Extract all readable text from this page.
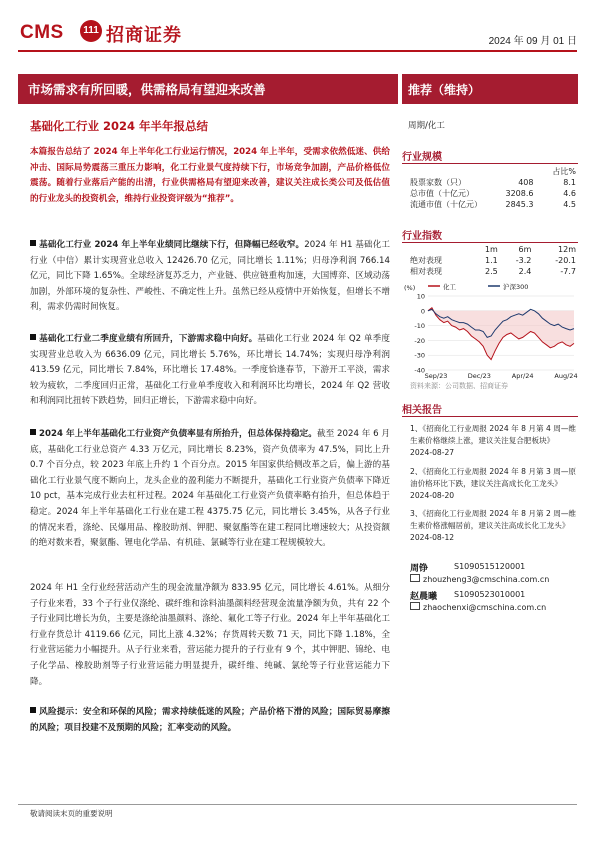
CMS	111 招商证券	2024 年 09 月 01 日
市场需求有所回暖，供需格局有望迎来改善	推荐（维持）
基础化工行业 2024 年半年报总结	周期/化工
本篇报告总结了 2024 年上半年化工行业运行情况，2024 年上半年，受需求依然低迷、供给冲击、国际局势震荡三重压力影响，化工行业景气度持续下行，市场竞争加剧，产品价格低位震荡。随着行业落后产能的出清，行业供需格局有望迎来改善，建议关注成长类公司及低估值的行业龙头的投资机会，维持行业投资评级为“推荐”。
基础化工行业 2024 年上半年业绩同比继续下行，但降幅已经收窄。2024 年 H1 基础化工行业（中信）累计实现营业总收入 12426.70 亿元，同比增长 1.11%；归母净利润 766.14 亿元，同比下降 1.65%。全球经济复苏乏力，产业链、供应链重构加速，大国博弈、区域动荡加剧，外部环境的复杂性、严峻性、不确定性上升。虽然已经从疫情中开始恢复，但增长不增利，需求仍需时间恢复。
基础化工行业二季度业绩有所回升，下游需求稳中向好。基础化工行业 2024 年 Q2 单季度实现营业总收入为 6636.09 亿元，同比增长 5.76%，环比增长 14.74%；实现归母净利润 413.59 亿元，同比增长 7.84%，环比增长 17.48%。一季度恰逢春节，下游开工平淡，需求较为疲软，二季度回归正常，基础化工行业单季度收入和利润环比均增长，2024 年 Q2 营收和利润同比扭转下跌趋势，回归正增长，下游需求稳中向好。
2024 年上半年基础化工行业资产负债率显有所抬升，但总体保持稳定。截至 2024 年 6 月底，基础化工行业总资产 4.33 万亿元，同比增长 8.23%，资产负债率为 47.5%，同比上升 0.7 个百分点，较 2023 年底上升约 1 个百分点。2015 年国家供给侧改革之后，偏上游的基础化工行业景气度不断向上，龙头企业的盈利能力不断提升，基础化工行业资产负债率下降近 10 pct，基本完成行业去杠杆过程。2024 年基础化工行业资产负债率略有抬升，但总体趋于稳定。2024 年上半年基础化工行业在建工程 4375.75 亿元，同比增长 3.45%，从各子行业的情况来看，涤纶、民爆用品、橡胶助剂、钾肥、聚氨酯等在建工程同比增速较大；从投资额的绝对数来看，聚氨酯、锂电化学品、有机硅、氯碱等行业在建工程规模较大。
2024 年 H1 全行业经营活动产生的现金流量净额为 833.95 亿元，同比增长 4.61%。从细分子行业来看，33 个子行业仅涤纶、碳纤维和涂料油墨颜料经营现金流量净额为负，共有 22 个子行业同比增长为负，主要是涤纶油墨颜料、涤纶、氟化工等子行业。2024 年上半年基础化工行业存货总计 4119.66 亿元，同比上涨 4.32%；存货周转天数 71 天，同比下降 1.18%，全行业营运能力小幅提升。从子行业来看，营运能力提升的子行业有 9 个，其中钾肥、锦纶、电子化学品、橡胶助剂等子行业营运能力明显提升，碳纤维、纯碱、氯纶等子行业营运能力下降。
风险提示：安全和环保的风险；需求持续低迷的风险；产品价格下滑的风险；国际贸易摩擦的风险；项目投建不及预期的风险；汇率变动的风险。
行业规模
		占比%
股票家数（只）	408	8.1
总市值（十亿元）	3208.6	4.6
流通市值（十亿元）	2845.3	4.5
行业指数
	1m	6m	12m
绝对表现	1.1	-3.2	-20.1
相对表现	2.5	2.4	-7.7
(%)	化工	沪深300
10
0
-10
-20
-30
-40
Sep/23	Dec/23	Apr/24	Aug/24
资料来源：公司数据、招商证券
相关报告
1、《招商化工行业周报 2024 年 8 月第 4 周—维生素价格继续上涨，建议关注复合肥板块》2024-08-27
2、《招商化工行业周报 2024 年 8 月第 3 周—原油价格环比下跌，建议关注高成长化工龙头》2024-08-20
3、《招商化工行业周报 2024 年 8 月第 2 周—维生素价格涨幅居前，建议关注高成长化工龙头》2024-08-12
周铮	S1090515120001
zhouzheng3@cmschina.com.cn
赵晨曦 S1090523010001
zhaochenxi@cmschina.com.cn
敬请阅读末页的重要说明
